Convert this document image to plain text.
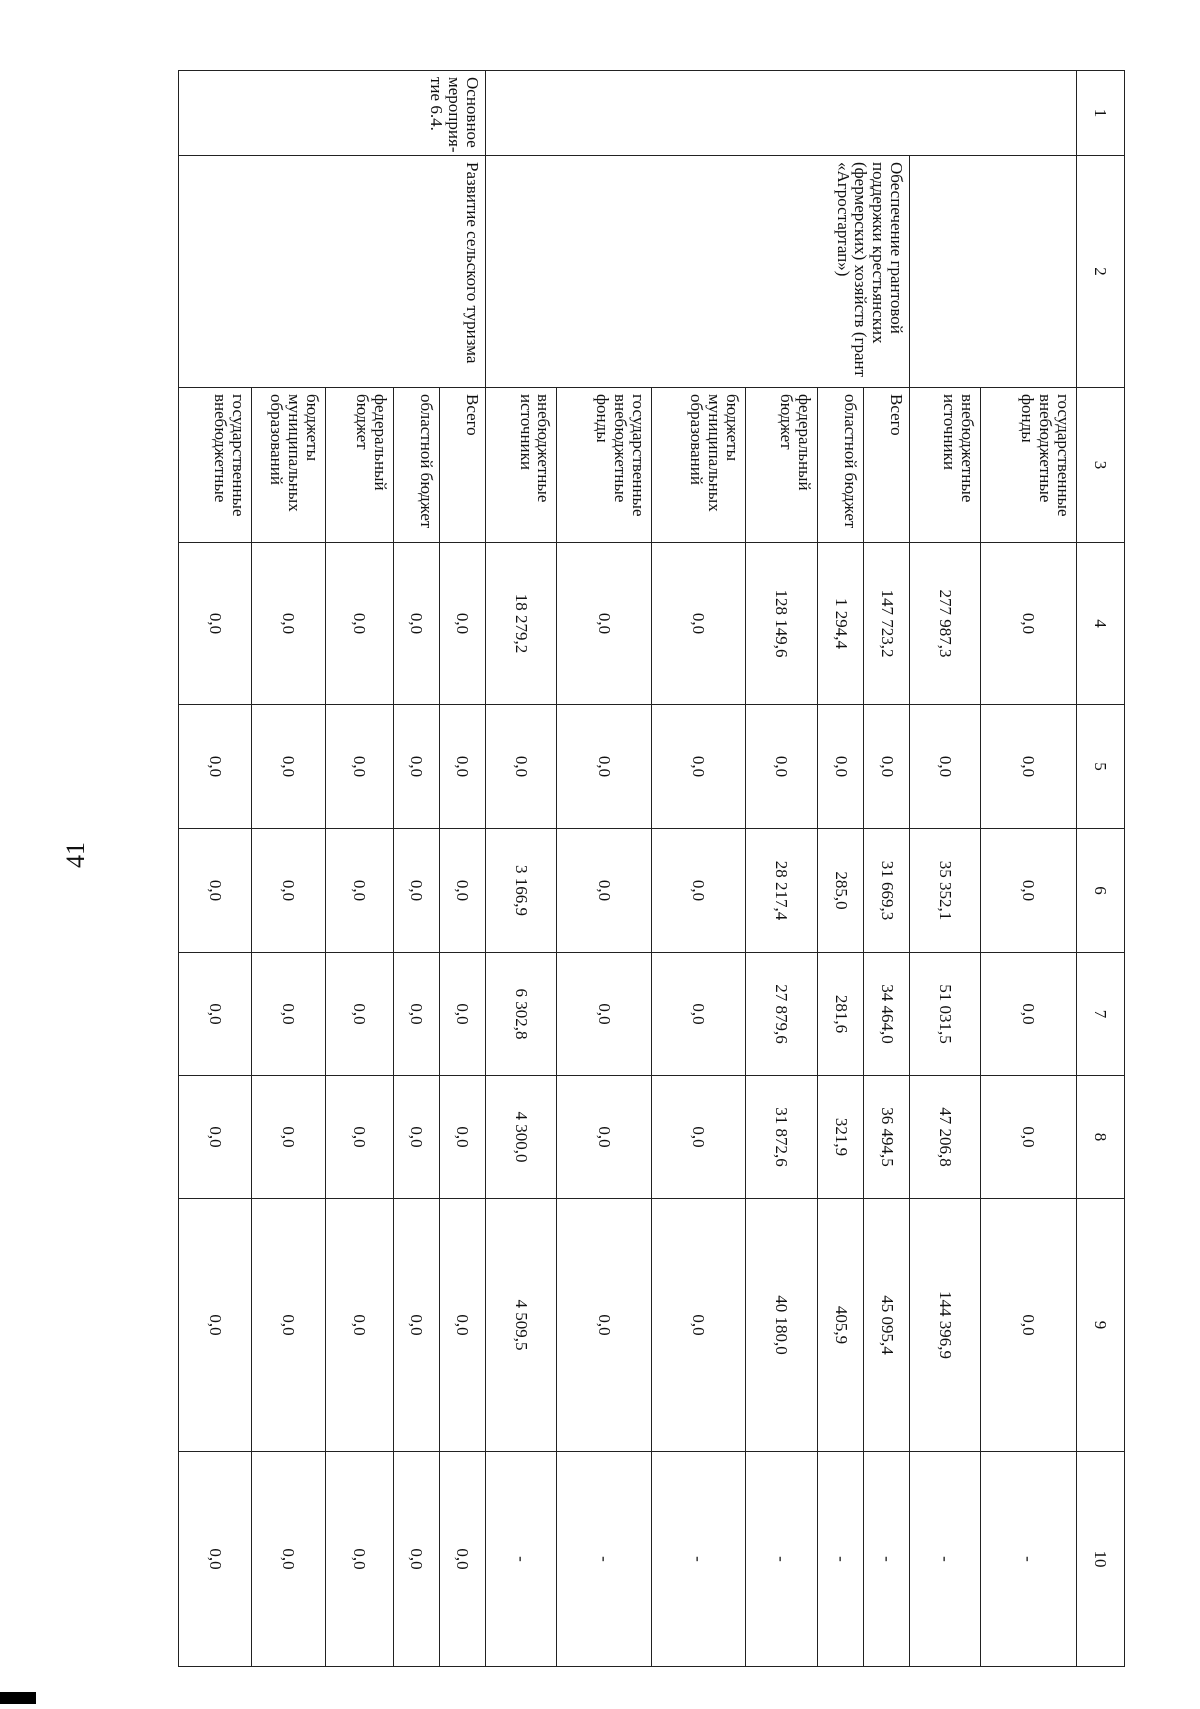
41
1	2	3	4	5	6	7	8	9	10
		государственные внебюджетные фонды	0,0	0,0	0,0	0,0	0,0	0,0	-
		внебюджетные источники	277 987,3	0,0	35 352,1	51 031,5	47 206,8	144 396,9	-
	Обеспечение грантовой поддержки крестьянских (фермерских) хозяйств (грант «Агростартап»)	Всего	147 723,2	0,0	31 669,3	34 464,0	36 494,5	45 095,4	-
		областной бюджет	1 294,4	0,0	285,0	281,6	321,9	405,9	-
		федеральный бюджет	128 149,6	0,0	28 217,4	27 879,6	31 872,6	40 180,0	-
		бюджеты муниципальных образований	0,0	0,0	0,0	0,0	0,0	0,0	-
		государственные внебюджетные фонды	0,0	0,0	0,0	0,0	0,0	0,0	-
		внебюджетные источники	18 279,2	0,0	3 166,9	6 302,8	4 300,0	4 509,5	-
Основное мероприя-тие 6.4.	Развитие сельского туризма	Всего	0,0	0,0	0,0	0,0	0,0	0,0	0,0
		областной бюджет	0,0	0,0	0,0	0,0	0,0	0,0	0,0
		федеральный бюджет	0,0	0,0	0,0	0,0	0,0	0,0	0,0
		бюджеты муниципальных образований	0,0	0,0	0,0	0,0	0,0	0,0	0,0
		государственные внебюджетные	0,0	0,0	0,0	0,0	0,0	0,0	0,0
